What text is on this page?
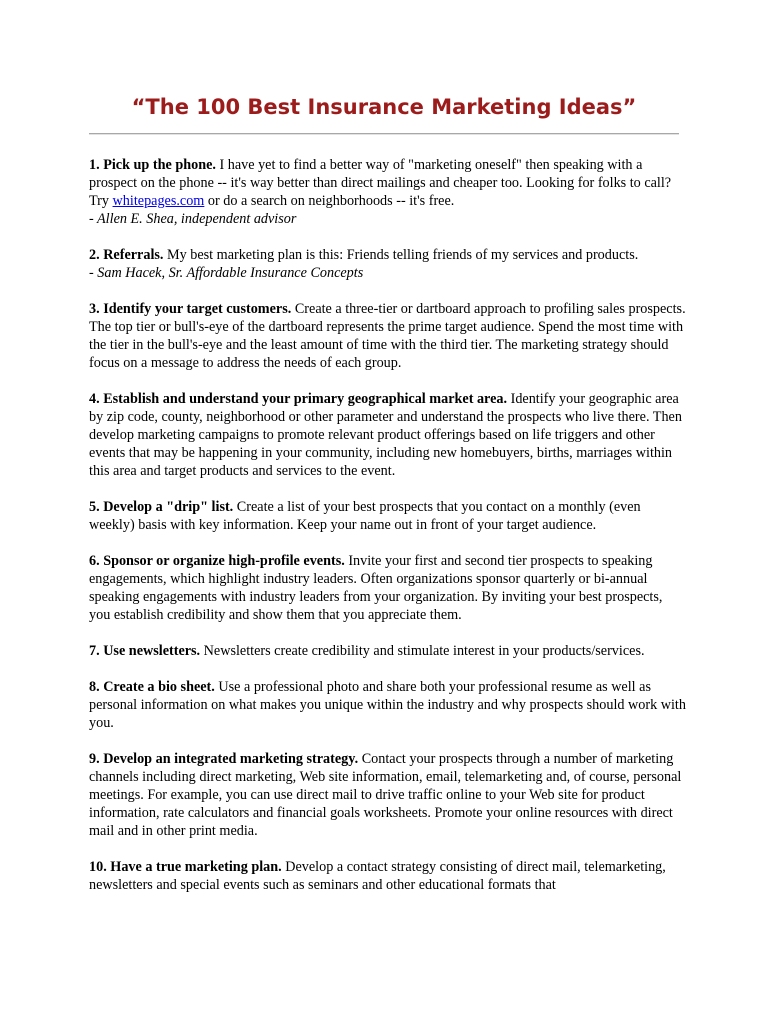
“The 100 Best Insurance Marketing Ideas”

1. Pick up the phone. I have yet to find a better way of "marketing oneself" then speaking with a prospect on the phone -- it's way better than direct mailings and cheaper too. Looking for folks to call? Try whitepages.com or do a search on neighborhoods -- it's free.
- Allen E. Shea, independent advisor

2. Referrals. My best marketing plan is this: Friends telling friends of my services and products.
- Sam Hacek, Sr. Affordable Insurance Concepts

3. Identify your target customers. Create a three-tier or dartboard approach to profiling sales prospects. The top tier or bull's-eye of the dartboard represents the prime target audience. Spend the most time with the tier in the bull's-eye and the least amount of time with the third tier. The marketing strategy should focus on a message to address the needs of each group.

4. Establish and understand your primary geographical market area. Identify your geographic area by zip code, county, neighborhood or other parameter and understand the prospects who live there. Then develop marketing campaigns to promote relevant product offerings based on life triggers and other events that may be happening in your community, including new homebuyers, births, marriages within this area and target products and services to the event.

5. Develop a "drip" list. Create a list of your best prospects that you contact on a monthly (even weekly) basis with key information. Keep your name out in front of your target audience.

6. Sponsor or organize high-profile events. Invite your first and second tier prospects to speaking engagements, which highlight industry leaders. Often organizations sponsor quarterly or bi-annual speaking engagements with industry leaders from your organization. By inviting your best prospects, you establish credibility and show them that you appreciate them.

7. Use newsletters. Newsletters create credibility and stimulate interest in your products/services.

8. Create a bio sheet. Use a professional photo and share both your professional resume as well as personal information on what makes you unique within the industry and why prospects should work with you.

9. Develop an integrated marketing strategy. Contact your prospects through a number of marketing channels including direct marketing, Web site information, email, telemarketing and, of course, personal meetings. For example, you can use direct mail to drive traffic online to your Web site for product information, rate calculators and financial goals worksheets. Promote your online resources with direct mail and in other print media.

10. Have a true marketing plan. Develop a contact strategy consisting of direct mail, telemarketing, newsletters and special events such as seminars and other educational formats that
